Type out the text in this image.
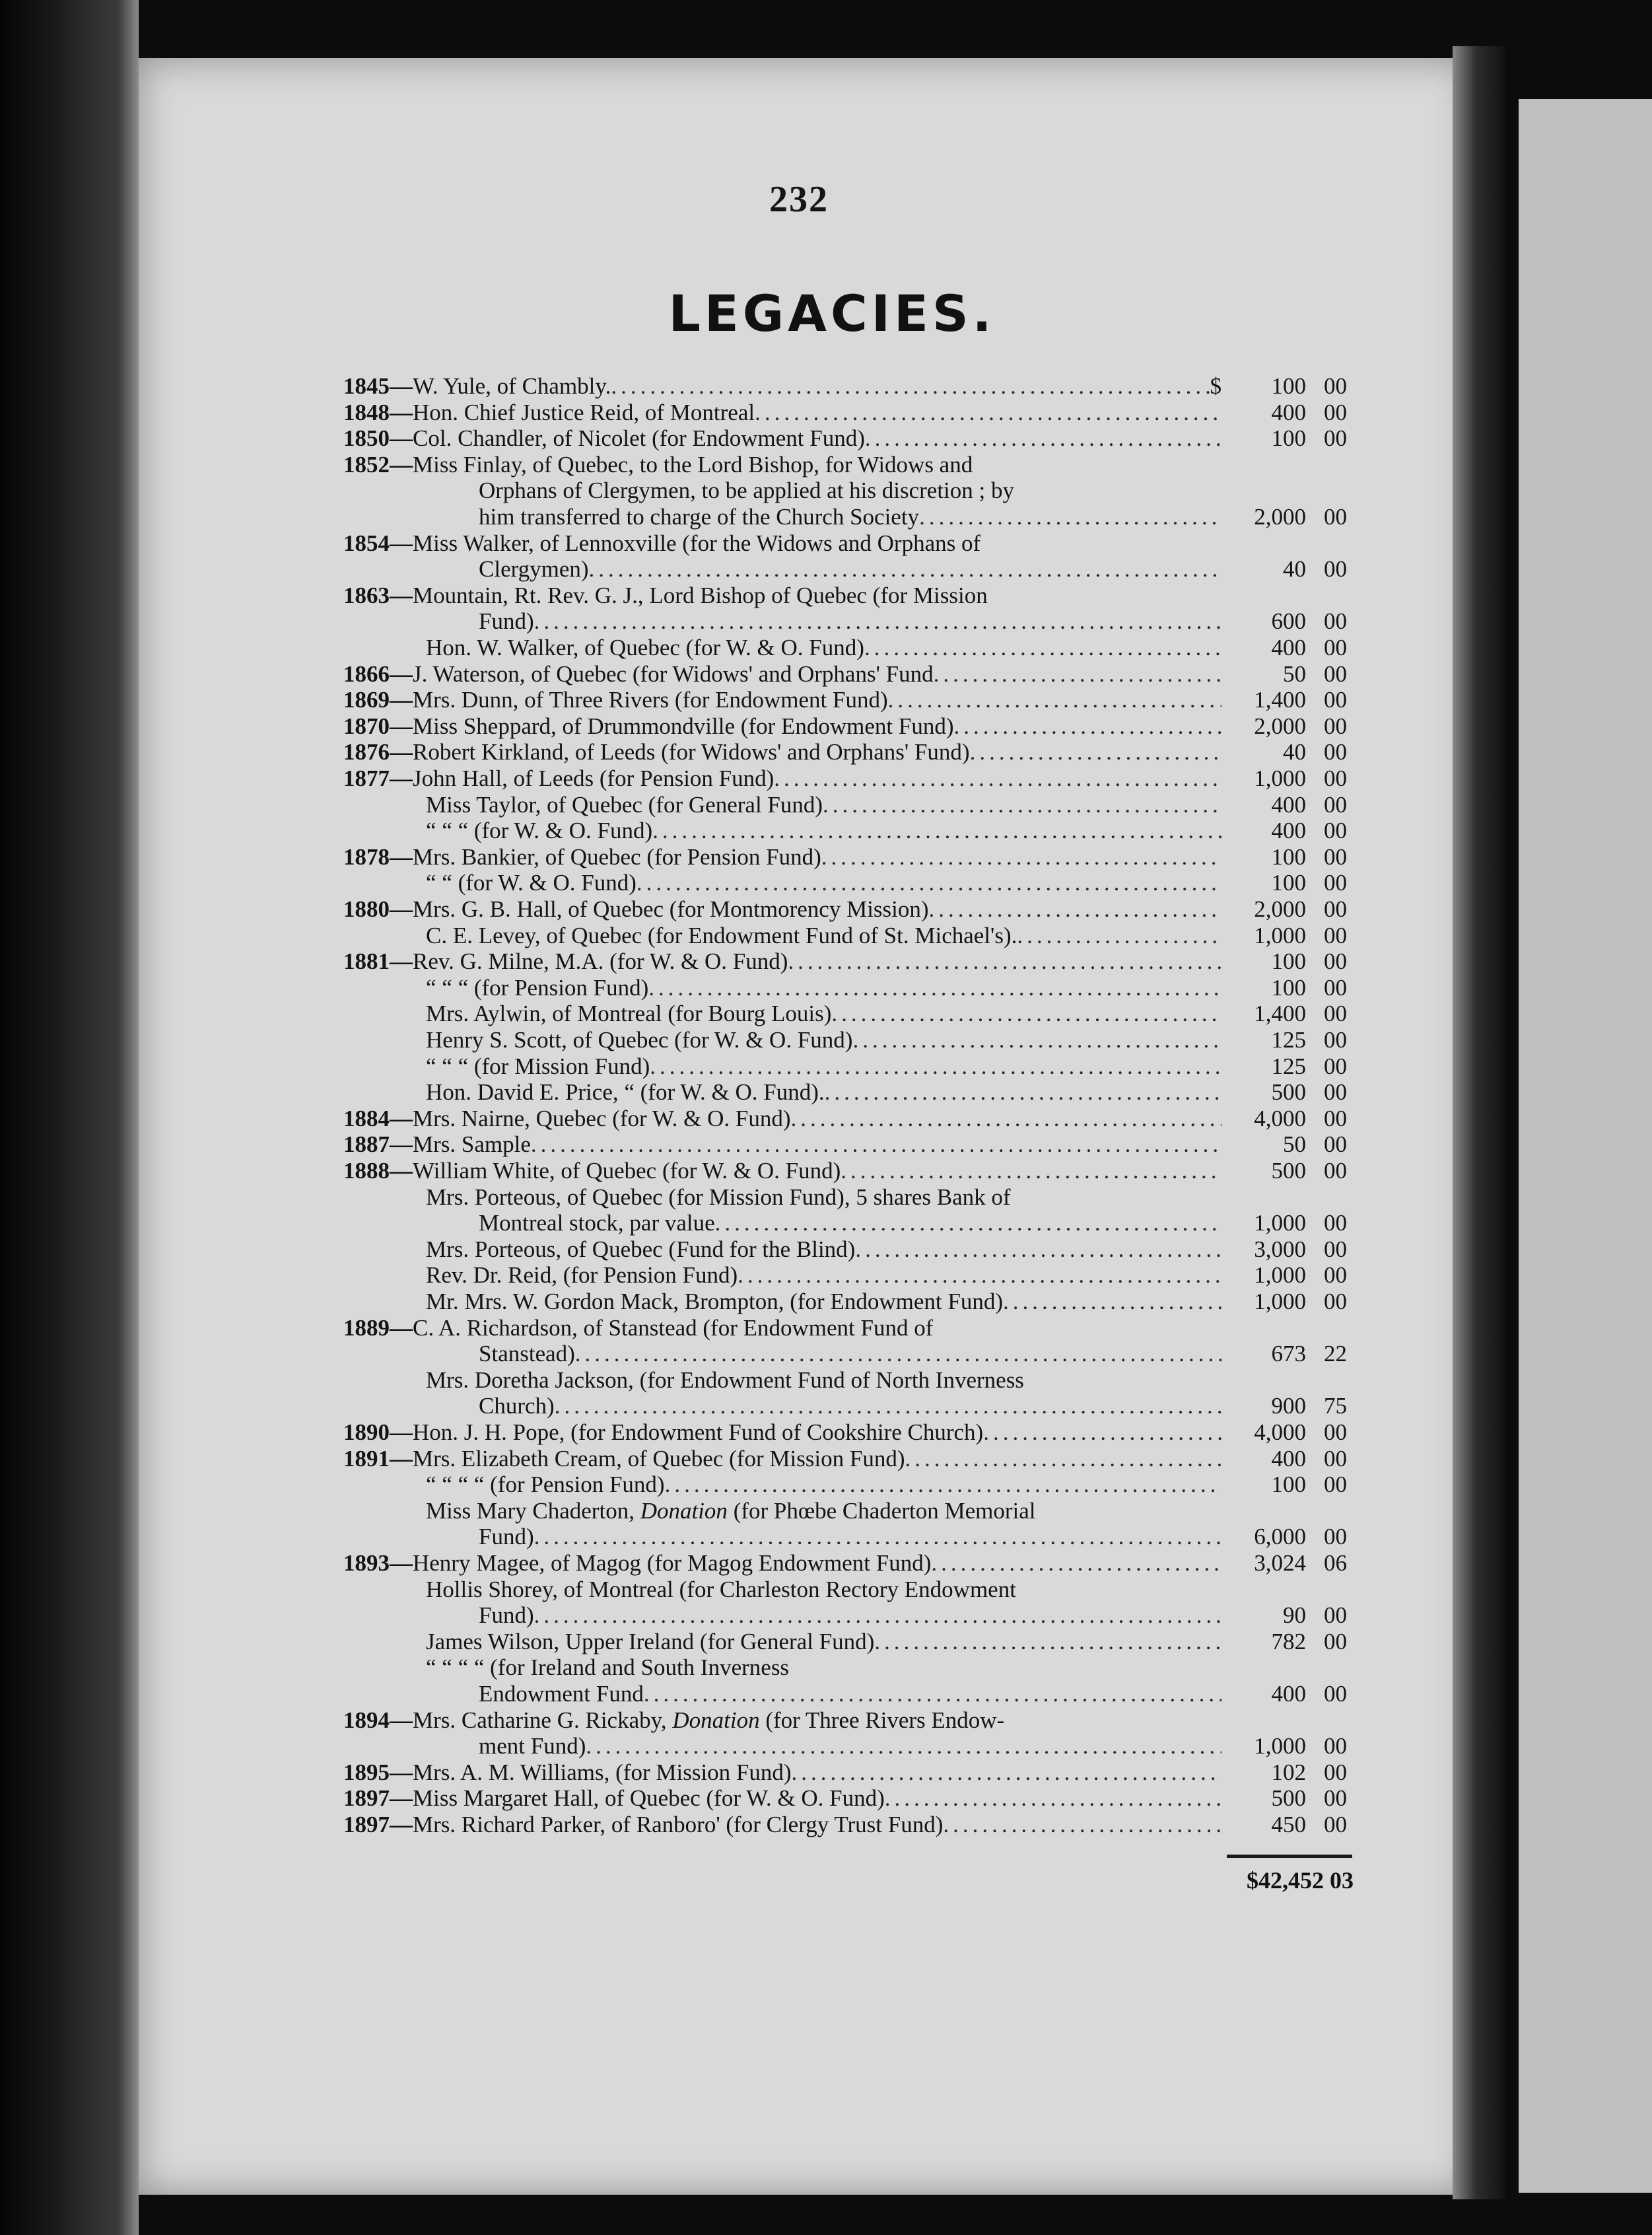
232
LEGACIES.
1845— W. Yule, of Chambly. .....	$ 100 00
1848— Hon. Chief Justice Reid, of Montreal .....	400 00
1850— Col. Chandler, of Nicolet (for Endowment Fund) .....	100 00
1852— Miss Finlay, of Quebec, to the Lord Bishop, for Widows and
Orphans of Clergymen, to be applied at his discretion ; by
him transferred to charge of the Church Society .....	2,000 00
1854— Miss Walker, of Lennoxville (for the Widows and Orphans of
Clergymen) .....	40 00
1863— Mountain, Rt. Rev. G. J., Lord Bishop of Quebec (for Mission
Fund) .....	600 00
Hon. W. Walker, of Quebec (for W. & O. Fund) .....	400 00
1866— J. Waterson, of Quebec (for Widows' and Orphans' Fund .....	50 00
1869— Mrs. Dunn, of Three Rivers (for Endowment Fund) .....	1,400 00
1870— Miss Sheppard, of Drummondville (for Endowment Fund) .....	2,000 00
1876— Robert Kirkland, of Leeds (for Widows' and Orphans' Fund) .....	40 00
1877— John Hall, of Leeds (for Pension Fund) .....	1,000 00
Miss Taylor, of Quebec (for General Fund) .....	400 00
“ “ “ (for W. & O. Fund) .....	400 00
1878— Mrs. Bankier, of Quebec (for Pension Fund) .....	100 00
“ “ (for W. & O. Fund) .....	100 00
1880— Mrs. G. B. Hall, of Quebec (for Montmorency Mission) .....	2,000 00
C. E. Levey, of Quebec (for Endowment Fund of St. Michael's). .....	1,000 00
1881— Rev. G. Milne, M.A. (for W. & O. Fund) .....	100 00
“ “ “ (for Pension Fund) .....	100 00
Mrs. Aylwin, of Montreal (for Bourg Louis) .....	1,400 00
Henry S. Scott, of Quebec (for W. & O. Fund) .....	125 00
“ “ “ (for Mission Fund) .....	125 00
Hon. David E. Price, “ (for W. & O. Fund). .....	500 00
1884— Mrs. Nairne, Quebec (for W. & O. Fund) .....	4,000 00
1887— Mrs. Sample .....	50 00
1888— William White, of Quebec (for W. & O. Fund) .....	500 00
Mrs. Porteous, of Quebec (for Mission Fund), 5 shares Bank of
Montreal stock, par value .....	1,000 00
Mrs. Porteous, of Quebec (Fund for the Blind) .....	3,000 00
Rev. Dr. Reid, (for Pension Fund) .....	1,000 00
Mr. Mrs. W. Gordon Mack, Brompton, (for Endowment Fund) .....	1,000 00
1889— C. A. Richardson, of Stanstead (for Endowment Fund of
Stanstead) .....	673 22
Mrs. Doretha Jackson, (for Endowment Fund of North Inverness
Church) .....	900 75
1890— Hon. J. H. Pope, (for Endowment Fund of Cookshire Church) .....	4,000 00
1891— Mrs. Elizabeth Cream, of Quebec (for Mission Fund) .....	400 00
“ “ “ “ (for Pension Fund) .....	100 00
Miss Mary Chaderton, Donation (for Phœbe Chaderton Memorial
Fund) .....	6,000 00
1893— Henry Magee, of Magog (for Magog Endowment Fund) .....	3,024 06
Hollis Shorey, of Montreal (for Charleston Rectory Endowment
Fund) .....	90 00
James Wilson, Upper Ireland (for General Fund) .....	782 00
“ “ “ “ (for Ireland and South Inverness
Endowment Fund .....	400 00
1894— Mrs. Catharine G. Rickaby, Donation (for Three Rivers Endow-
ment Fund) .....	1,000 00
1895— Mrs. A. M. Williams, (for Mission Fund) .....	102 00
1897— Miss Margaret Hall, of Quebec (for W. & O. Fund) .....	500 00
1897— Mrs. Richard Parker, of Ranboro' (for Clergy Trust Fund) .....	450 00
$42,452 03
